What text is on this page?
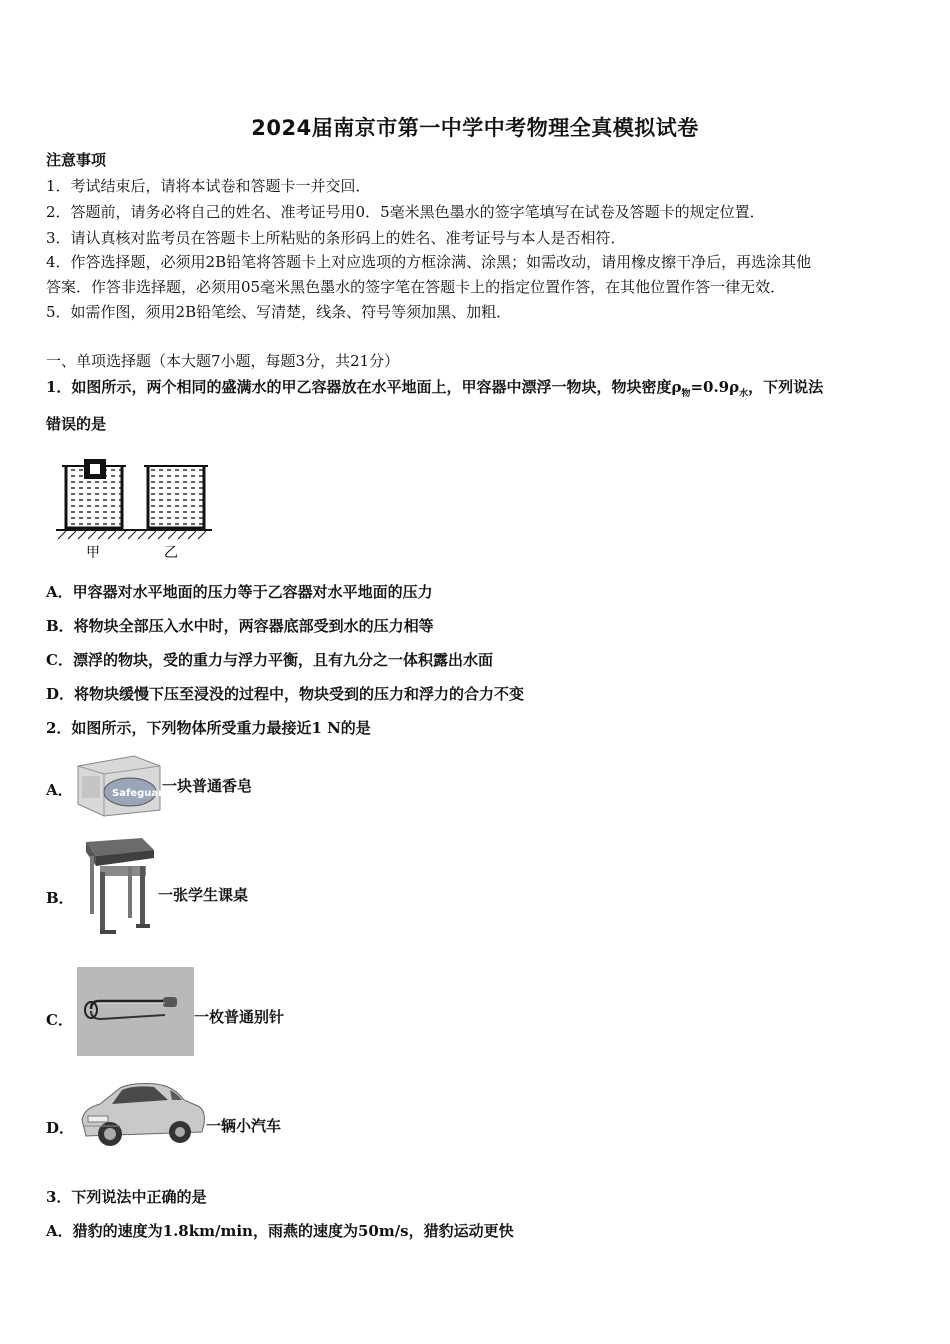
2024届南京市第一中学中考物理全真模拟试卷
注意事项
1．考试结束后，请将本试卷和答题卡一并交回．
2．答题前，请务必将自己的姓名、准考证号用0．5毫米黑色墨水的签字笔填写在试卷及答题卡的规定位置．
3．请认真核对监考员在答题卡上所粘贴的条形码上的姓名、准考证号与本人是否相符．
4．作答选择题，必须用2B铅笔将答题卡上对应选项的方框涂满、涂黑；如需改动，请用橡皮擦干净后，再选涂其他
答案．作答非选择题，必须用05毫米黑色墨水的签字笔在答题卡上的指定位置作答，在其他位置作答一律无效．
5．如需作图，须用2B铅笔绘、写清楚，线条、符号等须加黑、加粗．
一、单项选择题（本大题7小题，每题3分，共21分）
1．如图所示，两个相同的盛满水的甲乙容器放在水平地面上，甲容器中漂浮一物块，物块密度$\rho_物=0.9\rho_水$，下列说法
错误的是
甲	乙
A．甲容器对水平地面的压力等于乙容器对水平地面的压力
B．将物块全部压入水中时，两容器底部受到水的压力相等
C．漂浮的物块，受的重力与浮力平衡，且有九分之一体积露出水面
D．将物块缓慢下压至浸没的过程中，物块受到的压力和浮力的合力不变
2．如图所示，下列物体所受重力最接近1 N的是
A．	Safeguard
一块普通香皂
B．	一张学生课桌
C．	一枚普通别针
D．	一辆小汽车
3．下列说法中正确的是
A．猎豹的速度为1.8km/min，雨燕的速度为50m/s，猎豹运动更快
